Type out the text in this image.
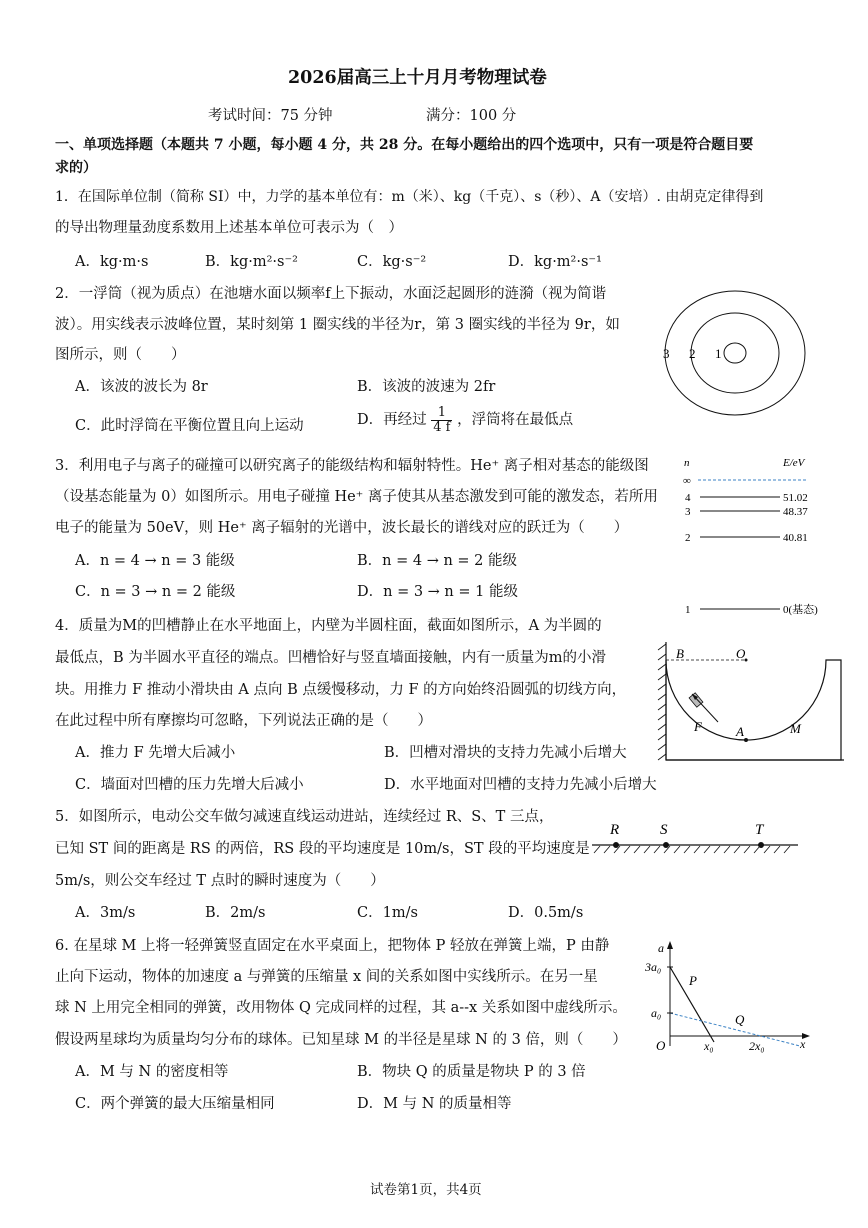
2026届高三上十月月考物理试卷
考试时间：75 分钟	满分：100 分
一、单项选择题（本题共 7 小题，每小题 4 分，共 28 分。在每小题给出的四个选项中，只有一项是符合题目要
求的）
1．在国际单位制（简称 SI）中，力学的基本单位有：m（米）、kg（千克）、s（秒）、A（安培）. 由胡克定律得到
的导出物理量劲度系数用上述基本单位可表示为（　）
A．kg·m·s	B．kg·m²·s⁻²	C．kg·s⁻²	D．kg·m²·s⁻¹
2．一浮筒（视为质点）在池塘水面以频率f上下振动，水面泛起圆形的涟漪（视为简谐
波）。用实线表示波峰位置，某时刻第 1 圈实线的半径为r，第 3 圈实线的半径为 9r，如
图所示，则（　　）
A．该波的波长为 8r	B．该波的波速为 2fr
C．此时浮筒在平衡位置且向上运动	D．再经过 $\frac{1}{4 f}$ ，浮筒将在最低点
3 2 1
3．利用电子与离子的碰撞可以研究离子的能级结构和辐射特性。He⁺ 离子相对基态的能级图
（设基态能量为 0）如图所示。用电子碰撞 He⁺ 离子使其从基态激发到可能的激发态，若所用
电子的能量为 50eV，则 He⁺ 离子辐射的光谱中，波长最长的谱线对应的跃迁为（　　）
A．n = 4 → n = 3 能级	B．n = 4 → n = 2 能级
C．n = 3 → n = 2 能级	D．n = 3 → n = 1 能级
n	E/eV
∞
4	51.02
3	48.37
2	40.81
1	0(基态)
4．质量为M的凹槽静止在水平地面上，内壁为半圆柱面，截面如图所示，A 为半圆的
最低点，B 为半圆水平直径的端点。凹槽恰好与竖直墙面接触，内有一质量为m的小滑
块。用推力 F 推动小滑块由 A 点向 B 点缓慢移动，力 F 的方向始终沿圆弧的切线方向，
在此过程中所有摩擦均可忽略，下列说法正确的是（　　）
A．推力 F 先增大后减小	B．凹槽对滑块的支持力先减小后增大
C．墙面对凹槽的压力先增大后减小	D．水平地面对凹槽的支持力先减小后增大
B	O
A
F	M
5．如图所示，电动公交车做匀减速直线运动进站，连续经过 R、S、T 三点，
已知 ST 间的距离是 RS 的两倍，RS 段的平均速度是 10m/s，ST 段的平均速度是
5m/s，则公交车经过 T 点时的瞬时速度为（　　）
A．3m/s	B．2m/s	C．1m/s	D．0.5m/s
R	S	T
6. 在星球 M 上将一轻弹簧竖直固定在水平桌面上，把物体 P 轻放在弹簧上端，P 由静
止向下运动，物体的加速度 a 与弹簧的压缩量 x 间的关系如图中实线所示。在另一星
球 N 上用完全相同的弹簧，改用物体 Q 完成同样的过程，其 a--x 关系如图中虚线所示。
假设两星球均为质量均匀分布的球体。已知星球 M 的半径是星球 N 的 3 倍，则（　　）
A．M 与 N 的密度相等	B．物块 Q 的质量是物块 P 的 3 倍
C．两个弹簧的最大压缩量相同	D．M 与 N 的质量相等
a
3a₀
a₀
O	x₀	2x₀	x
P
Q
试卷第1页，共4页
